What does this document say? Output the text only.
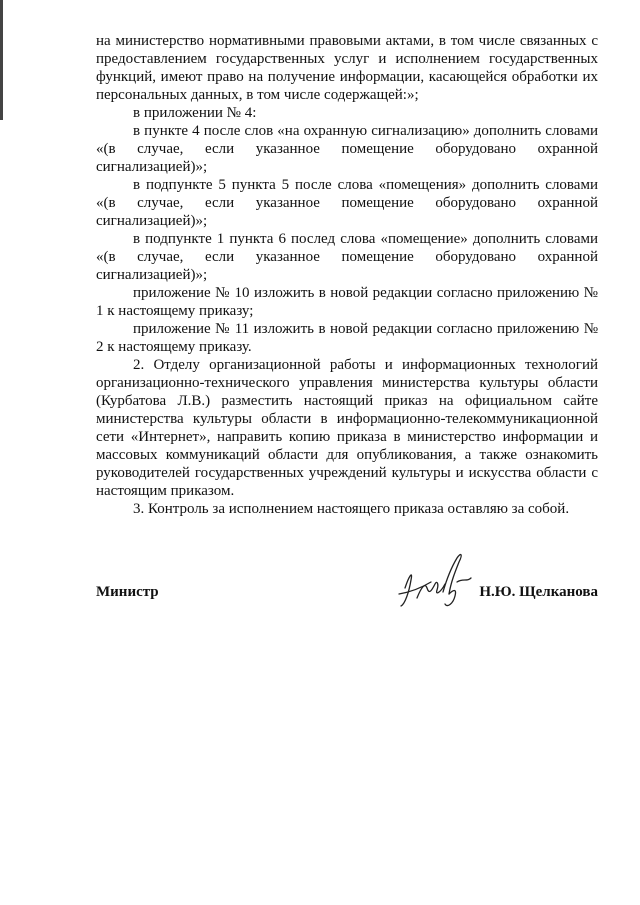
на министерство нормативными правовыми актами, в том числе связанных с предоставлением государственных услуг и исполнением государственных функций, имеют право на получение информации, касающейся обработки их персональных данных, в том числе содержащей:»;

в приложении № 4:

в пункте 4 после слов «на охранную сигнализацию» дополнить словами «(в случае, если указанное помещение оборудовано охранной сигнализацией)»;

в подпункте 5 пункта 5 после слова «помещения» дополнить словами «(в случае, если указанное помещение оборудовано охранной сигнализацией)»;

в подпункте 1 пункта 6 послед слова «помещение» дополнить словами «(в случае, если указанное помещение оборудовано охранной сигнализацией)»;

приложение № 10 изложить в новой редакции согласно приложению № 1 к настоящему приказу;

приложение № 11 изложить в новой редакции согласно приложению № 2 к настоящему приказу.

2. Отделу организационной работы и информационных технологий организационно-технического управления министерства культуры области (Курбатова Л.В.) разместить настоящий приказ на официальном сайте министерства культуры области в информационно-телекоммуникационной сети «Интернет», направить копию приказа в министерство информации и массовых коммуникаций области для опубликования, а также ознакомить руководителей государственных учреждений культуры и искусства области с настоящим приказом.

3. Контроль за исполнением настоящего приказа оставляю за собой.

Министр	Н.Ю. Щелканова
